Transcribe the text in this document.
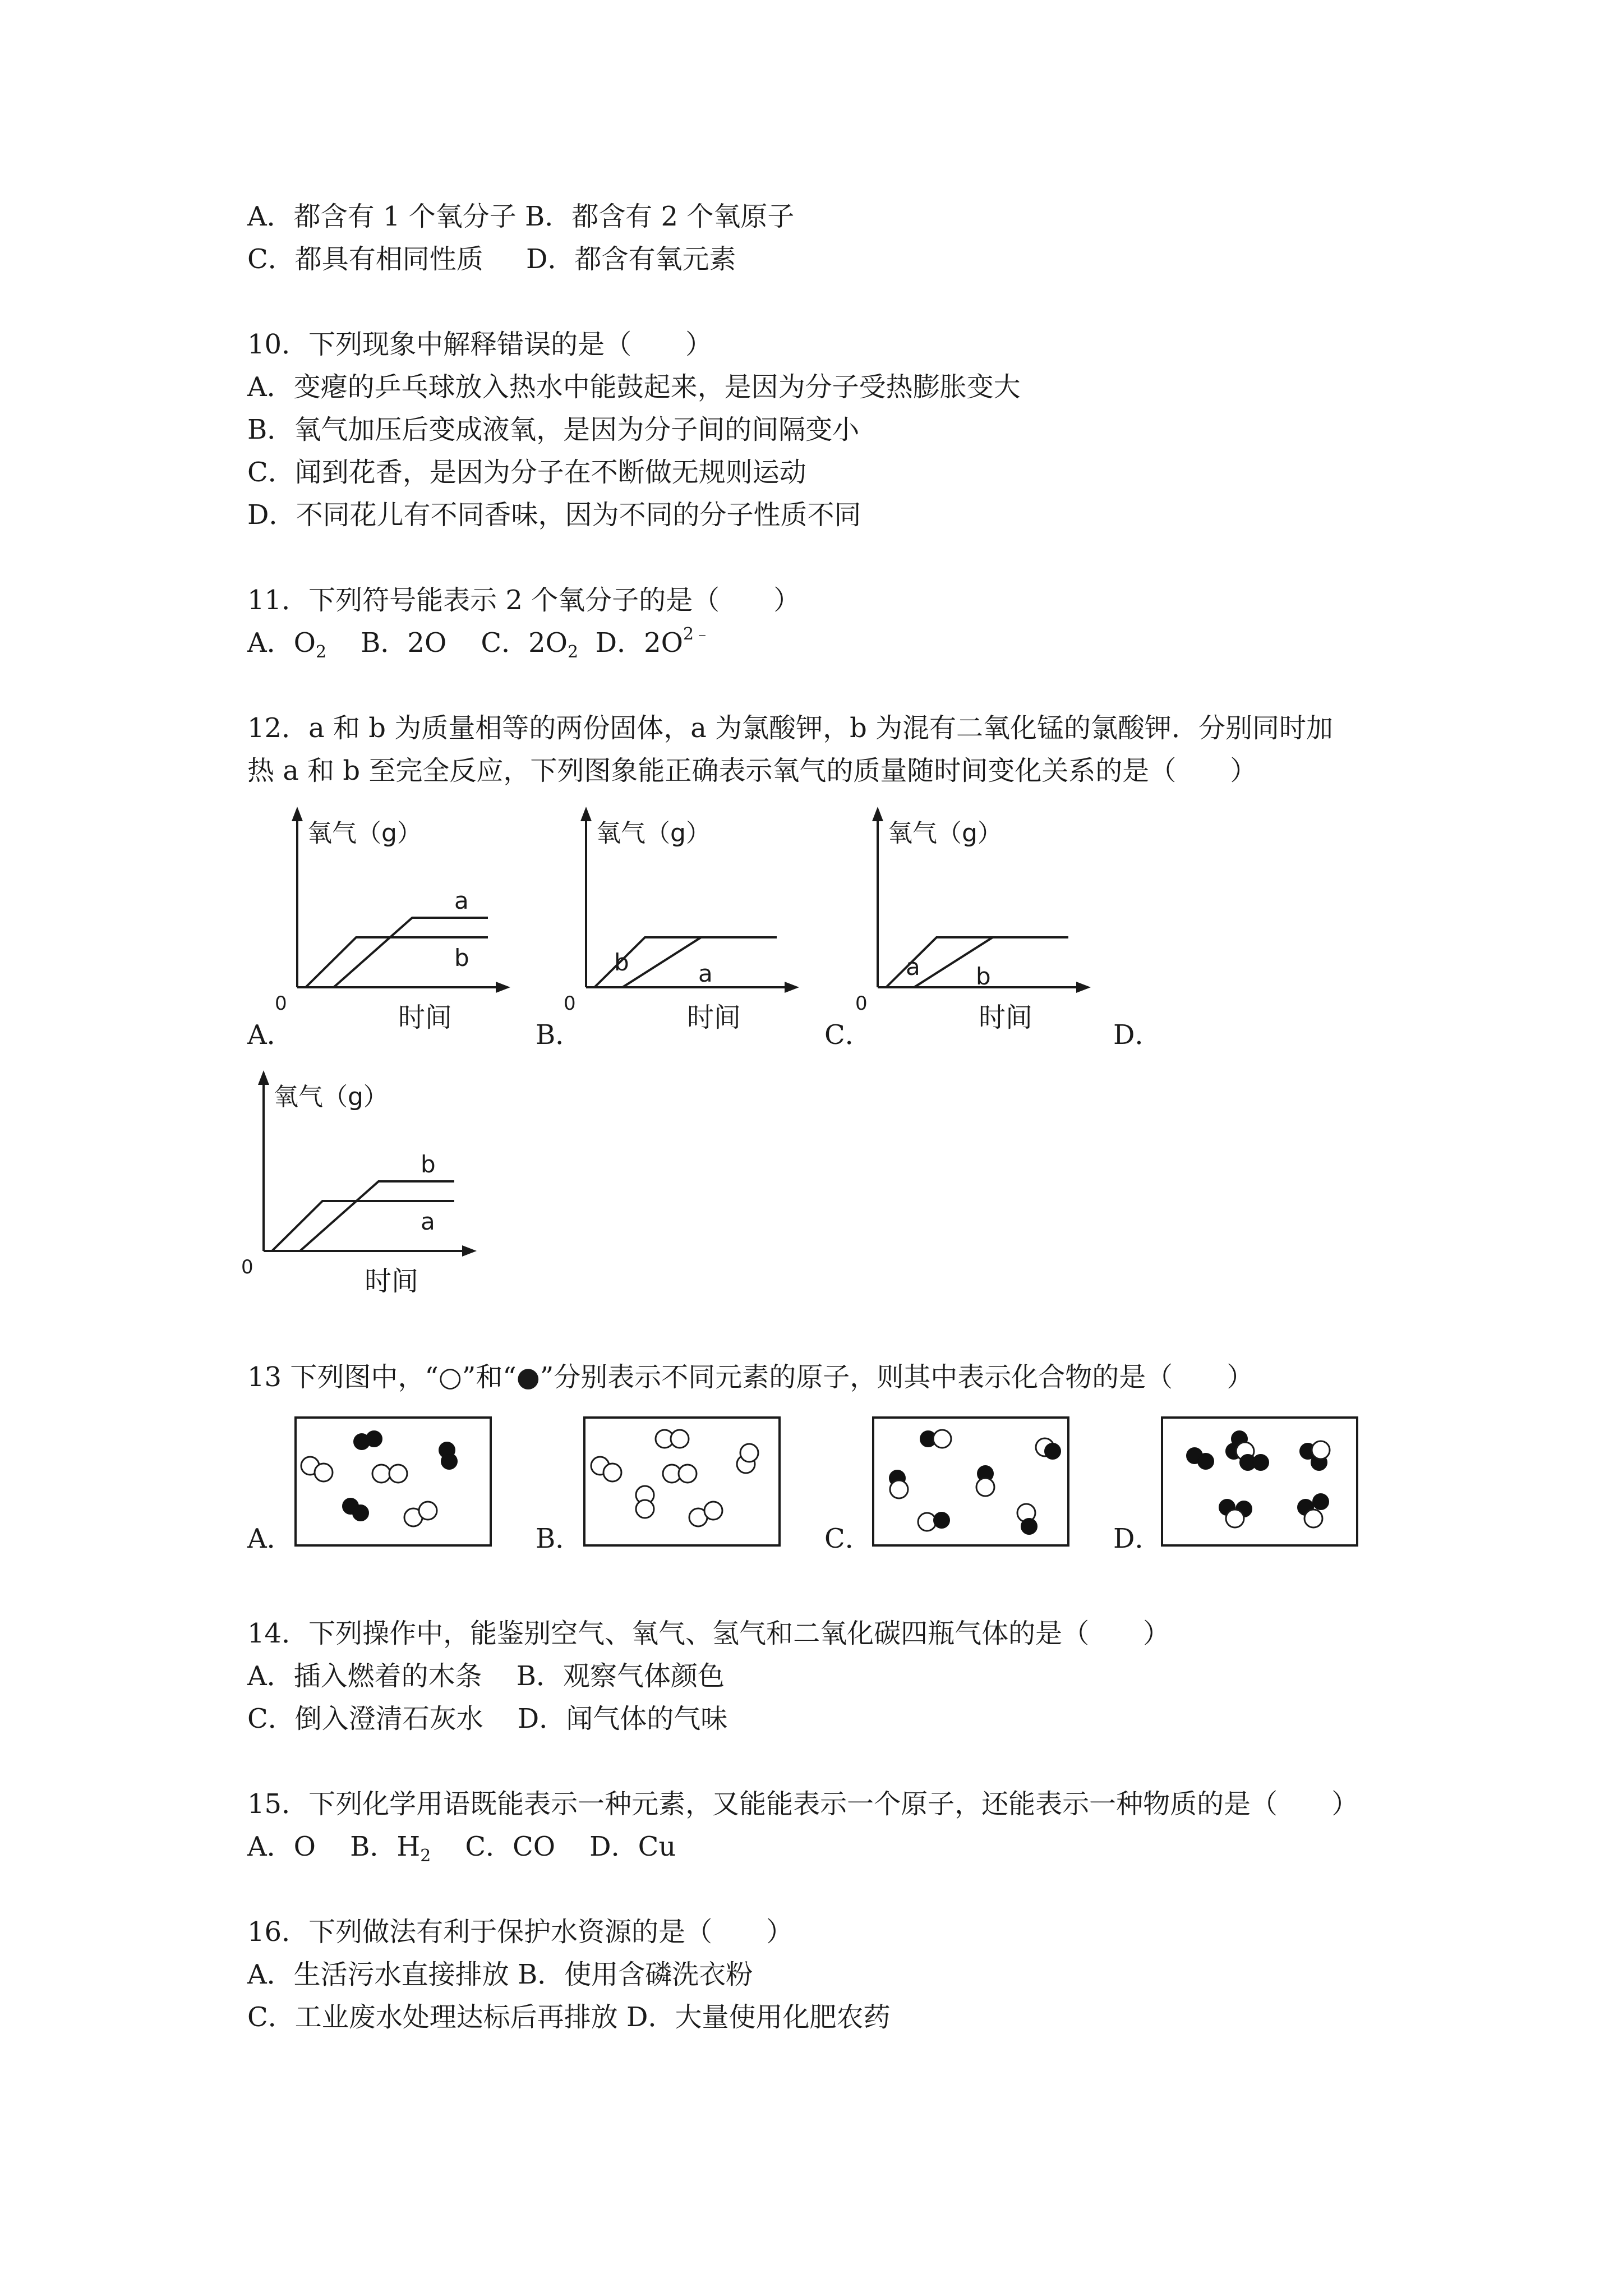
A．都含有 1 个氧分子 B．都含有 2 个氧原子
C．都具有相同性质 D．都含有氧元素
10．下列现象中解释错误的是（　　）
A．变瘪的乒乓球放入热水中能鼓起来，是因为分子受热膨胀变大
B．氧气加压后变成液氧，是因为分子间的间隔变小
C．闻到花香，是因为分子在不断做无规则运动
D．不同花儿有不同香味，因为不同的分子性质不同
11．下列符号能表示 2 个氧分子的是（　　）
A．$O_2$ B．2O C．$2O_2$ D．$2O^{2﹣}$
12．a 和 b 为质量相等的两份固体，a 为氯酸钾，b 为混有二氧化锰的氯酸钾．分别同时加
热 a 和 b 至完全反应，下列图象能正确表示氧气的质量随时间变化关系的是（　　）
氧气（g）
时间
0
a
b
氧气（g）
时间
0
a
b
氧气（g）
时间
0
b
a
氧气（g）
时间
0
b
a
A．	B．	C．	D．
13 下列图中，“○”和“●”分别表示不同元素的原子，则其中表示化合物的是（　　）
A．	B．	C．	D．
14．下列操作中，能鉴别空气、氧气、氢气和二氧化碳四瓶气体的是（　　）
A．插入燃着的木条 B．观察气体颜色
C．倒入澄清石灰水 D．闻气体的气味
15．下列化学用语既能表示一种元素，又能能表示一个原子，还能表示一种物质的是（　　）
A．O B．$H_2$ C．CO D．Cu
16．下列做法有利于保护水资源的是（　　）
A．生活污水直接排放 B．使用含磷洗衣粉
C．工业废水处理达标后再排放 D．大量使用化肥农药
